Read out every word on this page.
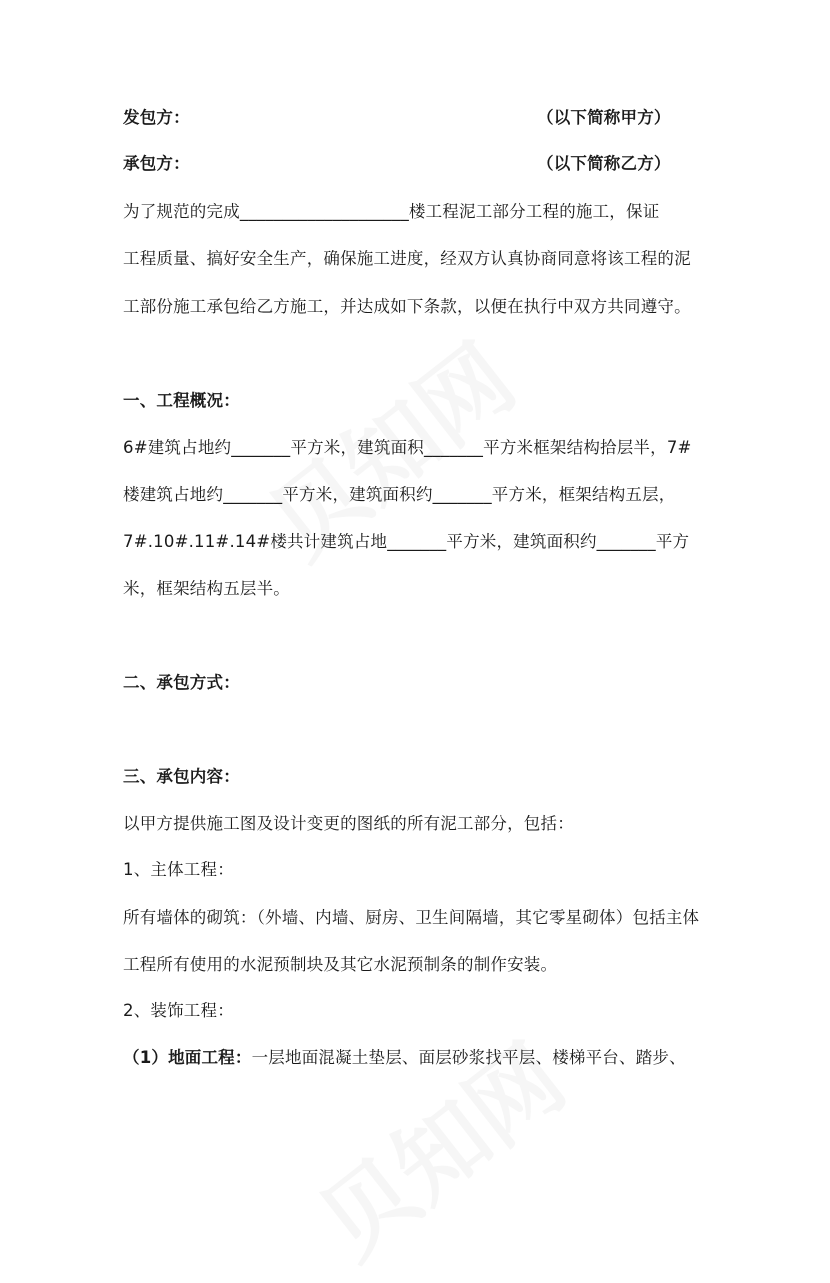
发包方：	（以下简称甲方）
承包方：	（以下简称乙方）
为了规范的完成____________________楼工程泥工部分工程的施工，保证
工程质量、搞好安全生产，确保施工进度，经双方认真协商同意将该工程的泥
工部份施工承包给乙方施工，并达成如下条款，以便在执行中双方共同遵守。
一、工程概况：
6#建筑占地约_______平方米，建筑面积_______平方米框架结构拾层半，7#
楼建筑占地约_______平方米，建筑面积约_______平方米，框架结构五层，
7#.10#.11#.14#楼共计建筑占地_______平方米，建筑面积约_______平方
米，框架结构五层半。
二、承包方式：
三、承包内容：
以甲方提供施工图及设计变更的图纸的所有泥工部分，包括：
1、主体工程：
所有墙体的砌筑：（外墙、内墙、厨房、卫生间隔墙，其它零星砌体）包括主体
工程所有使用的水泥预制块及其它水泥预制条的制作安装。
2、装饰工程：
（1）地面工程：一层地面混凝土垫层、面层砂浆找平层、楼梯平台、踏步、
